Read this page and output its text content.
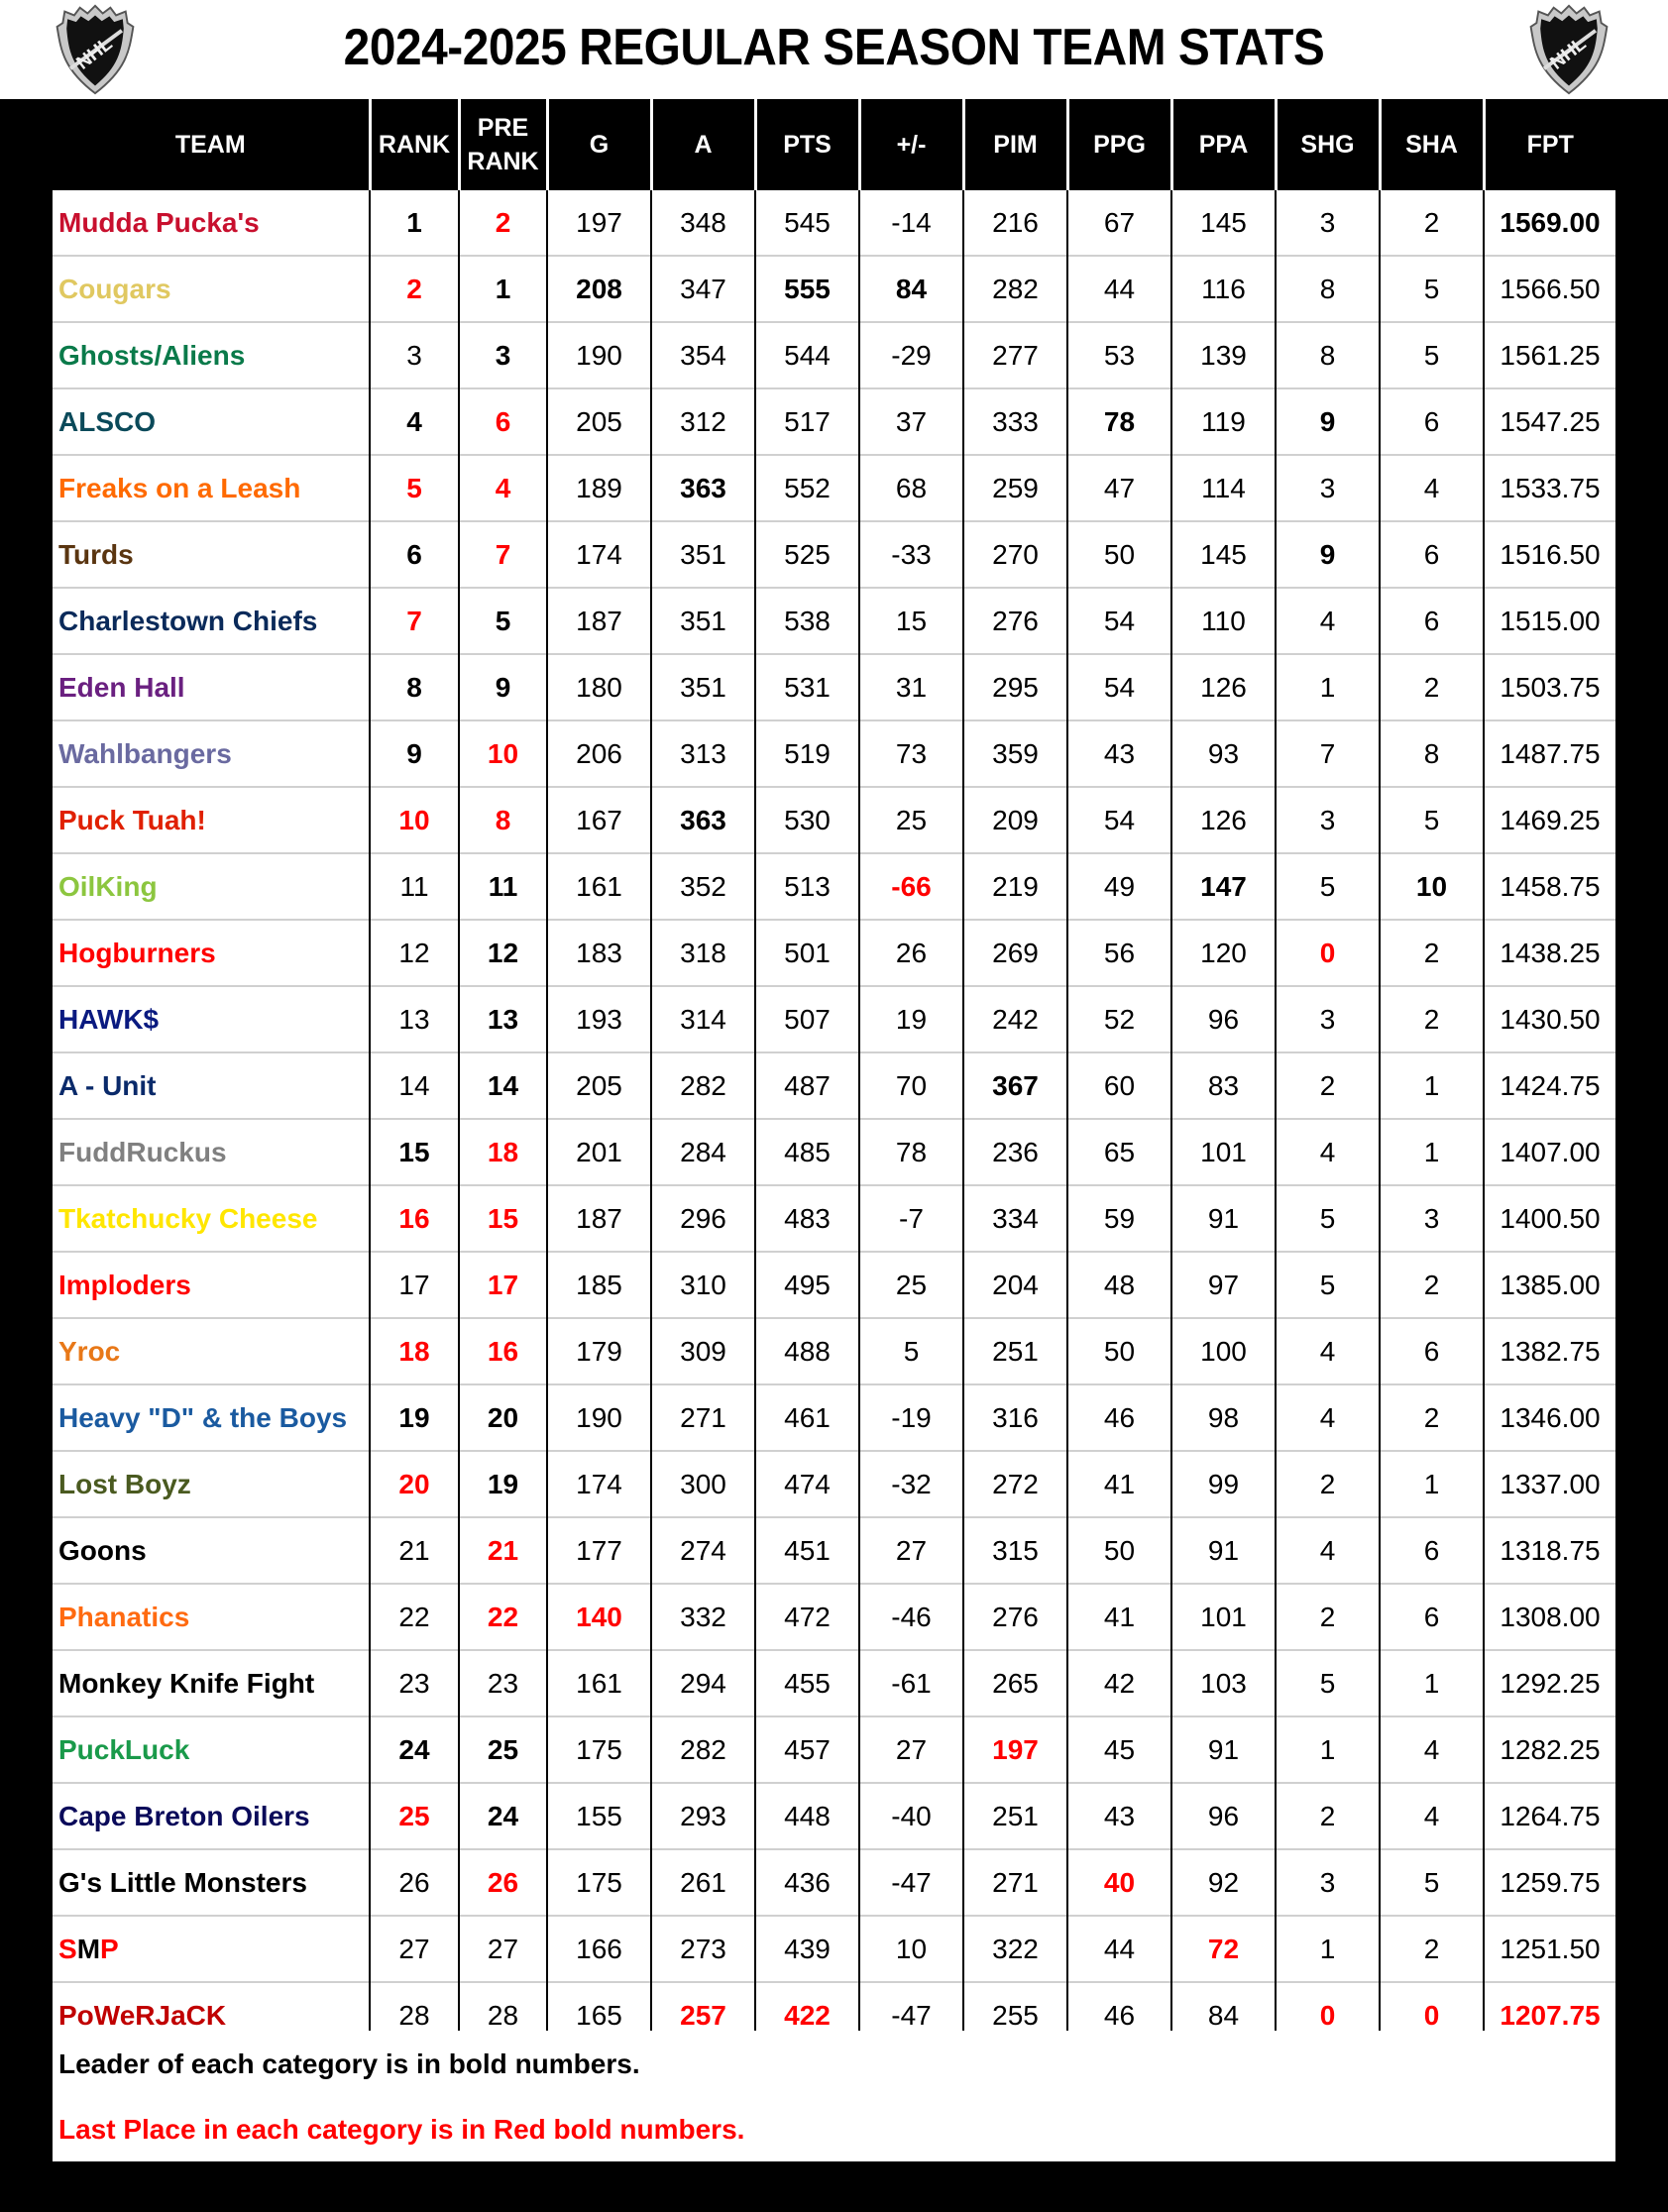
NHL	2024-2025 REGULAR SEASON TEAM STATS	NHL
	TEAM	RANK	PRE
RANK	G	A	PTS	+/-	PIM	PPG	PPA	SHG	SHA	FPT	
	Mudda Pucka's	1	2	197	348	545	-14	216	67	145	3	2	1569.00	
	Cougars	2	1	208	347	555	84	282	44	116	8	5	1566.50	
	Ghosts/Aliens	3	3	190	354	544	-29	277	53	139	8	5	1561.25	
	ALSCO	4	6	205	312	517	37	333	78	119	9	6	1547.25	
	Freaks on a Leash	5	4	189	363	552	68	259	47	114	3	4	1533.75	
	Turds	6	7	174	351	525	-33	270	50	145	9	6	1516.50	
	Charlestown Chiefs	7	5	187	351	538	15	276	54	110	4	6	1515.00	
	Eden Hall	8	9	180	351	531	31	295	54	126	1	2	1503.75	
	Wahlbangers	9	10	206	313	519	73	359	43	93	7	8	1487.75	
	Puck Tuah!	10	8	167	363	530	25	209	54	126	3	5	1469.25	
	OilKing	11	11	161	352	513	-66	219	49	147	5	10	1458.75	
	Hogburners	12	12	183	318	501	26	269	56	120	0	2	1438.25	
	HAWK$	13	13	193	314	507	19	242	52	96	3	2	1430.50	
	A - Unit	14	14	205	282	487	70	367	60	83	2	1	1424.75	
	FuddRuckus	15	18	201	284	485	78	236	65	101	4	1	1407.00	
	Tkatchucky Cheese	16	15	187	296	483	-7	334	59	91	5	3	1400.50	
	Imploders	17	17	185	310	495	25	204	48	97	5	2	1385.00	
	Yroc	18	16	179	309	488	5	251	50	100	4	6	1382.75	
	Heavy "D" & the Boys	19	20	190	271	461	-19	316	46	98	4	2	1346.00	
	Lost Boyz	20	19	174	300	474	-32	272	41	99	2	1	1337.00	
	Goons	21	21	177	274	451	27	315	50	91	4	6	1318.75	
	Phanatics	22	22	140	332	472	-46	276	41	101	2	6	1308.00	
	Monkey Knife Fight	23	23	161	294	455	-61	265	42	103	5	1	1292.25	
	PuckLuck	24	25	175	282	457	27	197	45	91	1	4	1282.25	
	Cape Breton Oilers	25	24	155	293	448	-40	251	43	96	2	4	1264.75	
	G's Little Monsters	26	26	175	261	436	-47	271	40	92	3	5	1259.75	
	SMP	27	27	166	273	439	10	322	44	72	1	2	1251.50	
	PoWeRJaCK	28	28	165	257	422	-47	255	46	84	0	0	1207.75	

Leader of each category is in bold numbers.

Last Place in each category is in Red bold numbers.
